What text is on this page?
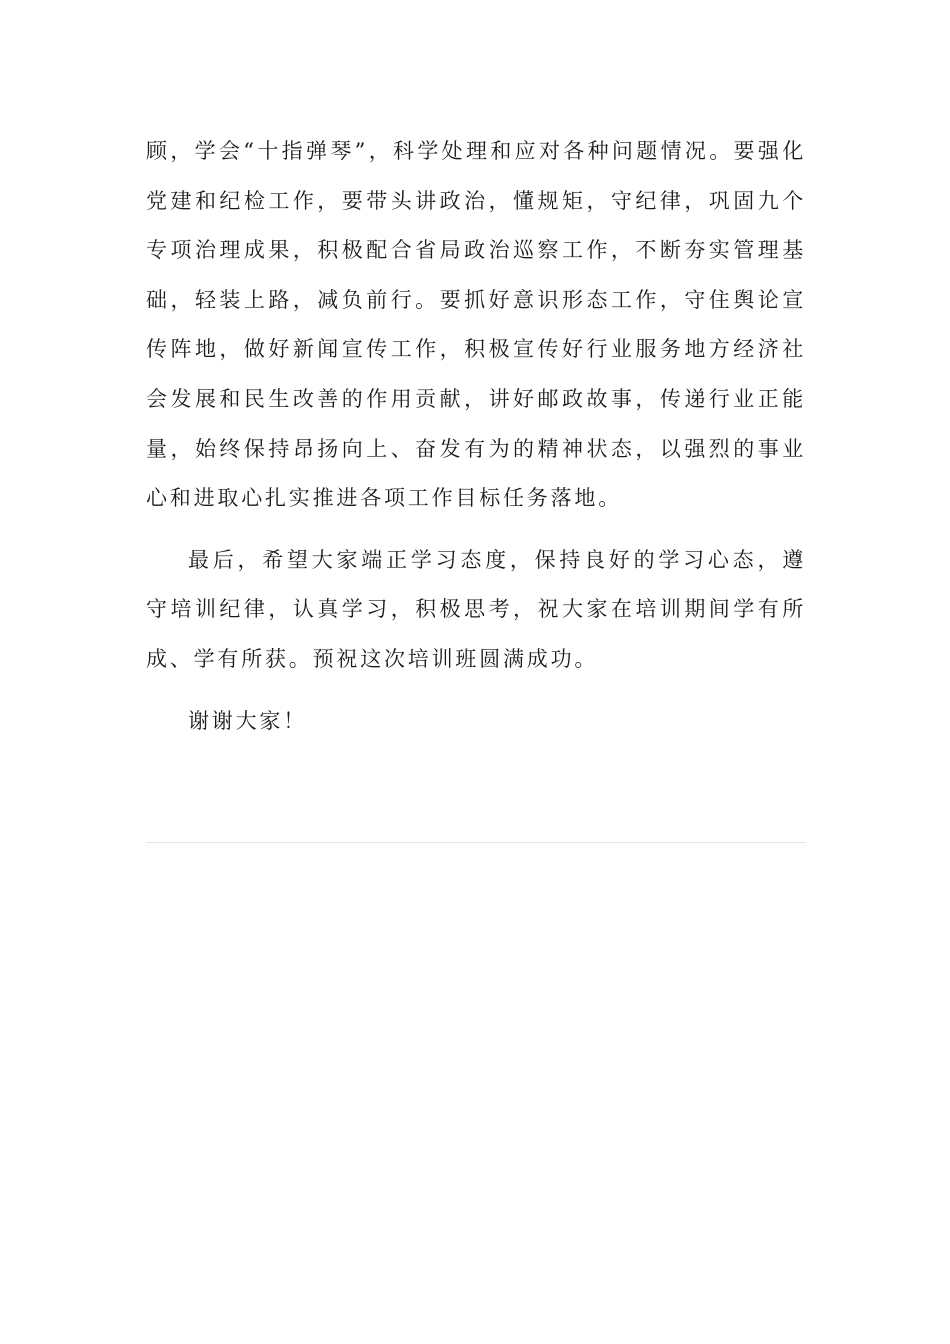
顾，学会“十指弹琴”，科学处理和应对各种问题情况。要强化党建和纪检工作，要带头讲政治，懂规矩，守纪律，巩固九个专项治理成果，积极配合省局政治巡察工作，不断夯实管理基础，轻装上路，减负前行。要抓好意识形态工作，守住舆论宣传阵地，做好新闻宣传工作，积极宣传好行业服务地方经济社会发展和民生改善的作用贡献，讲好邮政故事，传递行业正能量，始终保持昂扬向上、奋发有为的精神状态，以强烈的事业心和进取心扎实推进各项工作目标任务落地。

最后，希望大家端正学习态度，保持良好的学习心态，遵守培训纪律，认真学习，积极思考，祝大家在培训期间学有所成、学有所获。预祝这次培训班圆满成功。

谢谢大家！
